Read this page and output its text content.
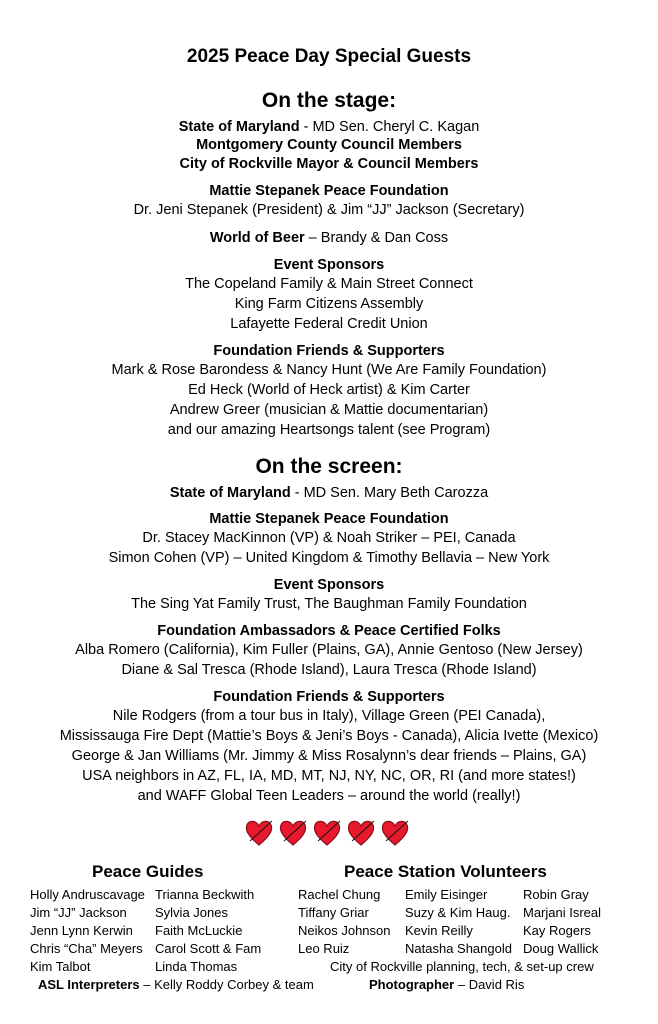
2025 Peace Day Special Guests
On the stage:
State of Maryland - MD Sen. Cheryl C. Kagan
Montgomery County Council Members
City of Rockville Mayor & Council Members
Mattie Stepanek Peace Foundation
Dr. Jeni Stepanek (President) & Jim “JJ” Jackson (Secretary)
World of Beer – Brandy & Dan Coss
Event Sponsors
The Copeland Family & Main Street Connect
King Farm Citizens Assembly
Lafayette Federal Credit Union
Foundation Friends & Supporters
Mark & Rose Barondess & Nancy Hunt (We Are Family Foundation)
Ed Heck (World of Heck artist) & Kim Carter
Andrew Greer (musician & Mattie documentarian)
and our amazing Heartsongs talent (see Program)
On the screen:
State of Maryland - MD Sen. Mary Beth Carozza
Mattie Stepanek Peace Foundation
Dr. Stacey MacKinnon (VP) & Noah Striker – PEI, Canada
Simon Cohen (VP) – United Kingdom & Timothy Bellavia – New York
Event Sponsors
The Sing Yat Family Trust, The Baughman Family Foundation
Foundation Ambassadors & Peace Certified Folks
Alba Romero (California), Kim Fuller (Plains, GA), Annie Gentoso (New Jersey)
Diane & Sal Tresca (Rhode Island), Laura Tresca (Rhode Island)
Foundation Friends & Supporters
Nile Rodgers (from a tour bus in Italy), Village Green (PEI Canada),
Mississauga Fire Dept (Mattie’s Boys & Jeni’s Boys - Canada), Alicia Ivette (Mexico)
George & Jan Williams (Mr. Jimmy & Miss Rosalynn’s dear friends – Plains, GA)
USA neighbors in AZ, FL, IA, MD, MT, NJ, NY, NC, OR, RI (and more states!)
and WAFF Global Teen Leaders – around the world (really!)
Peace Guides
Holly Andruscavage
Jim “JJ” Jackson
Jenn Lynn Kerwin
Chris “Cha” Meyers
Kim Talbot
Trianna Beckwith
Sylvia Jones
Faith McLuckie
Carol Scott & Fam
Linda Thomas
Peace Station Volunteers
Rachel Chung
Tiffany Griar
Neikos Johnson
Leo Ruiz
Emily Eisinger
Suzy & Kim Haug.
Kevin Reilly
Natasha Shangold
Robin Gray
Marjani Isreal
Kay Rogers
Doug Wallick
City of Rockville planning, tech, & set-up crew
ASL Interpreters – Kelly Roddy Corbey & team	Photographer – David Ris
